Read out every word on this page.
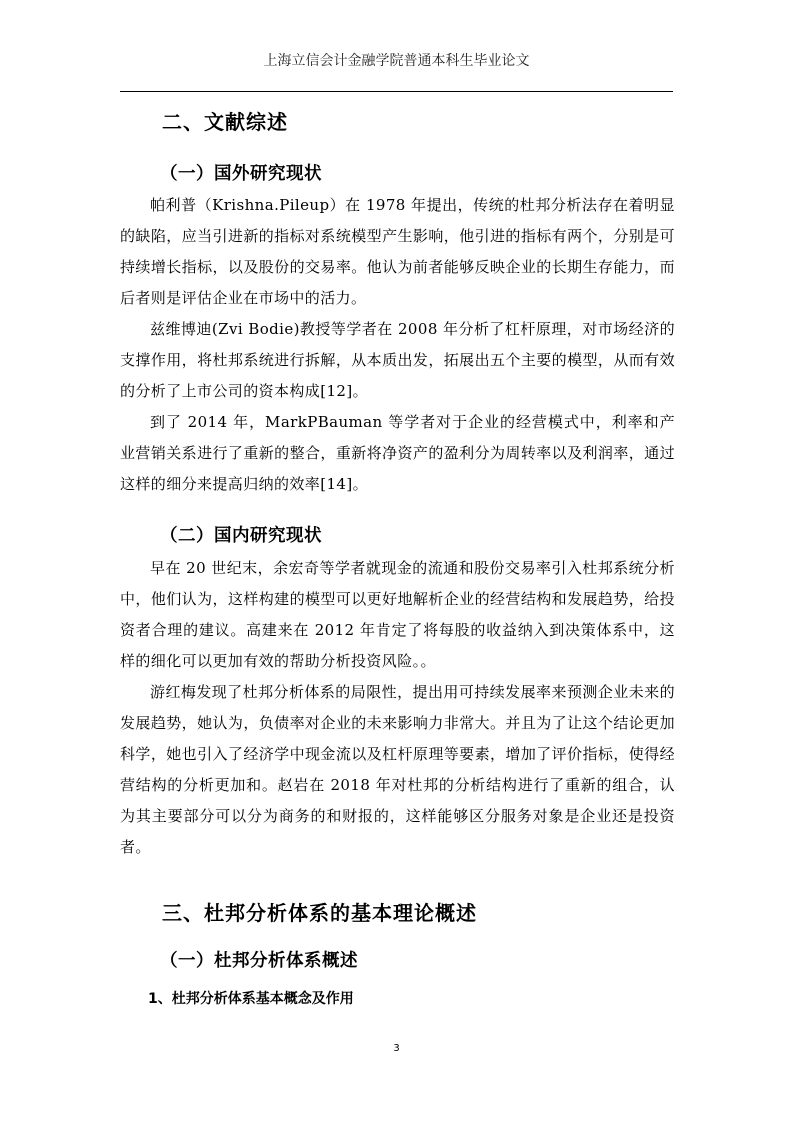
上海立信会计金融学院普通本科生毕业论文
二、文献综述
（一）国外研究现状

帕利普（Krishna.Pileup）在 1978 年提出，传统的杜邦分析法存在着明显的缺陷，应当引进新的指标对系统模型产生影响，他引进的指标有两个，分别是可持续增长指标，以及股份的交易率。他认为前者能够反映企业的长期生存能力，而后者则是评估企业在市场中的活力。

兹维博迪(Zvi Bodie)教授等学者在 2008 年分析了杠杆原理，对市场经济的支撑作用，将杜邦系统进行拆解，从本质出发，拓展出五个主要的模型，从而有效的分析了上市公司的资本构成[12]。

到了 2014 年，MarkPBauman 等学者对于企业的经营模式中，利率和产业营销关系进行了重新的整合，重新将净资产的盈利分为周转率以及利润率，通过这样的细分来提高归纳的效率[14]。

（二）国内研究现状

早在 20 世纪末，余宏奇等学者就现金的流通和股份交易率引入杜邦系统分析中，他们认为，这样构建的模型可以更好地解析企业的经营结构和发展趋势，给投资者合理的建议。高建来在 2012 年肯定了将每股的收益纳入到决策体系中，这样的细化可以更加有效的帮助分析投资风险。。

游红梅发现了杜邦分析体系的局限性，提出用可持续发展率来预测企业未来的发展趋势，她认为，负债率对企业的未来影响力非常大。并且为了让这个结论更加科学，她也引入了经济学中现金流以及杠杆原理等要素，增加了评价指标，使得经营结构的分析更加和。赵岩在 2018 年对杜邦的分析结构进行了重新的组合，认为其主要部分可以分为商务的和财报的，这样能够区分服务对象是企业还是投资者。

三、杜邦分析体系的基本理论概述
（一）杜邦分析体系概述
1、杜邦分析体系基本概念及作用
3
